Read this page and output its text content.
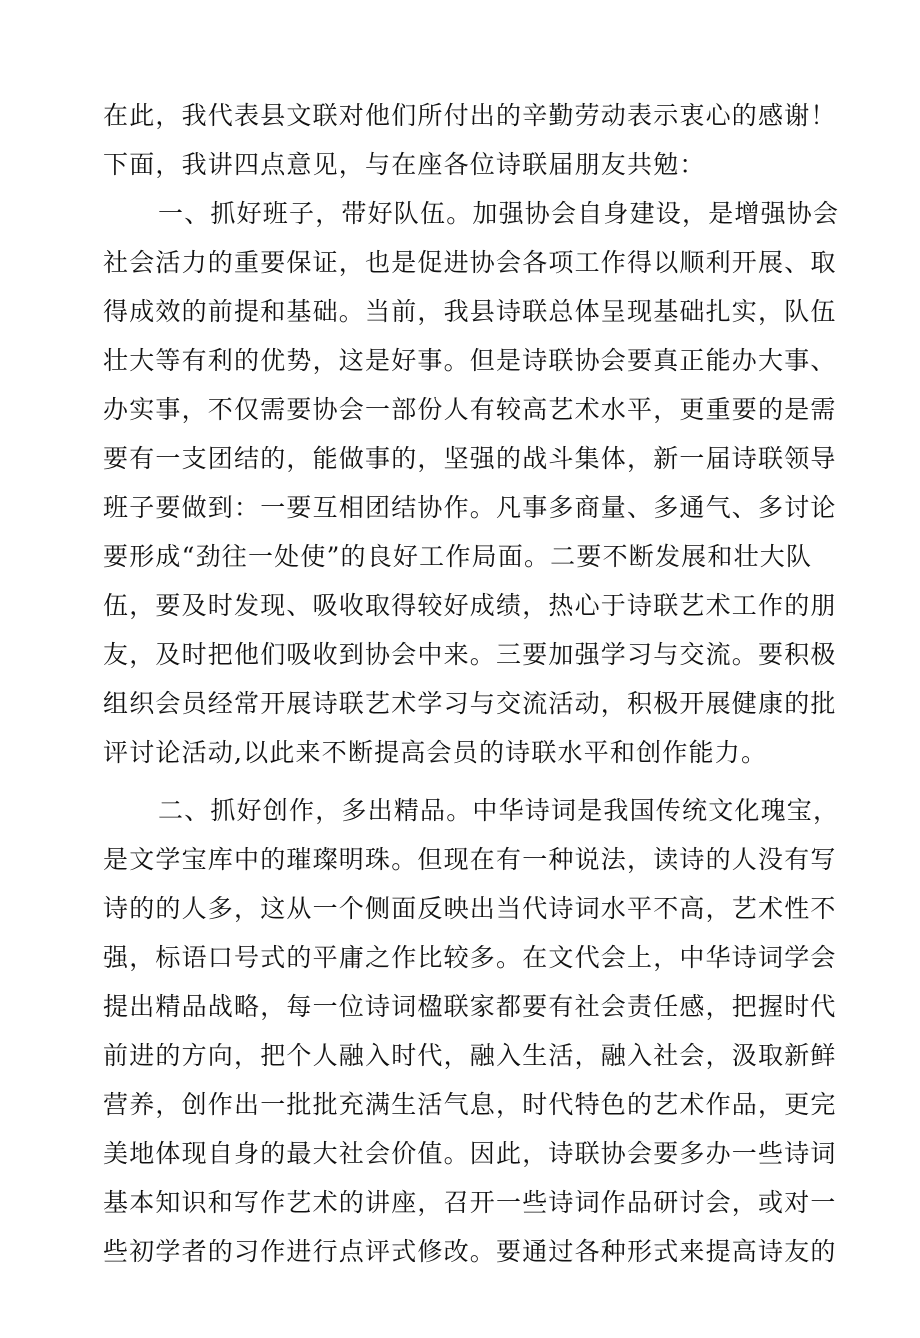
在此，我代表县文联对他们所付出的辛勤劳动表示衷心的感谢！
下面，我讲四点意见，与在座各位诗联届朋友共勉：
一、抓好班子，带好队伍。加强协会自身建设，是增强协会
社会活力的重要保证，也是促进协会各项工作得以顺利开展、取
得成效的前提和基础。当前，我县诗联总体呈现基础扎实，队伍
壮大等有利的优势，这是好事。但是诗联协会要真正能办大事、
办实事，不仅需要协会一部份人有较高艺术水平，更重要的是需
要有一支团结的，能做事的，坚强的战斗集体，新一届诗联领导
班子要做到：一要互相团结协作。凡事多商量、多通气、多讨论
要形成“劲往一处使”的良好工作局面。二要不断发展和壮大队
伍，要及时发现、吸收取得较好成绩，热心于诗联艺术工作的朋
友，及时把他们吸收到协会中来。三要加强学习与交流。要积极
组织会员经常开展诗联艺术学习与交流活动，积极开展健康的批
评讨论活动,以此来不断提高会员的诗联水平和创作能力。
二、抓好创作，多出精品。中华诗词是我国传统文化瑰宝，
是文学宝库中的璀璨明珠。但现在有一种说法，读诗的人没有写
诗的的人多，这从一个侧面反映出当代诗词水平不高，艺术性不
强，标语口号式的平庸之作比较多。在文代会上，中华诗词学会
提出精品战略，每一位诗词楹联家都要有社会责任感，把握时代
前进的方向，把个人融入时代，融入生活，融入社会，汲取新鲜
营养，创作出一批批充满生活气息，时代特色的艺术作品，更完
美地体现自身的最大社会价值。因此，诗联协会要多办一些诗词
基本知识和写作艺术的讲座，召开一些诗词作品研讨会，或对一
些初学者的习作进行点评式修改。要通过各种形式来提高诗友的
